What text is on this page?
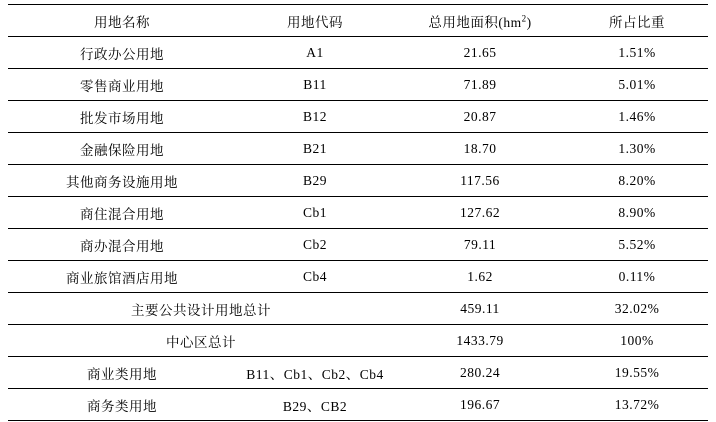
用地名称	用地代码	总用地面积$(hm^2)$	所占比重
行政办公用地	A1	21.65	1.51%
零售商业用地	B11	71.89	5.01%
批发市场用地	B12	20.87	1.46%
金融保险用地	B21	18.70	1.30%
其他商务设施用地	B29	117.56	8.20%
商住混合用地	Cb1	127.62	8.90%
商办混合用地	Cb2	79.11	5.52%
商业旅馆酒店用地	Cb4	1.62	0.11%
主要公共设计用地总计		459.11	32.02%
中心区总计		1433.79	100%
商业类用地	B11、Cb1、Cb2、Cb4	280.24	19.55%
商务类用地	B29、CB2	196.67	13.72%
